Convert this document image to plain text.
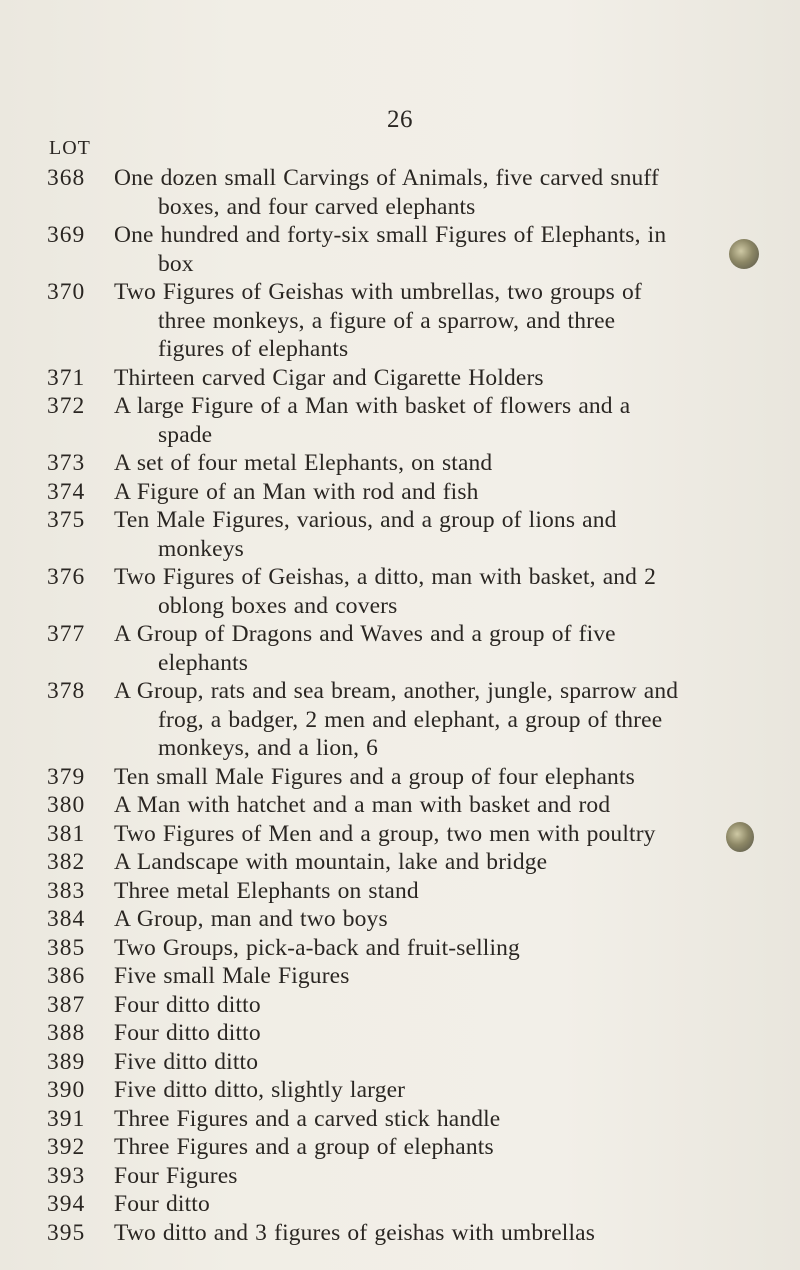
26
LOT
368	One dozen small Carvings of Animals, five carved snuff boxes, and four carved elephants
369	One hundred and forty-six small Figures of Elephants, in box
370	Two Figures of Geishas with umbrellas, two groups of three monkeys, a figure of a sparrow, and three figures of elephants
371	Thirteen carved Cigar and Cigarette Holders
372	A large Figure of a Man with basket of flowers and a spade
373	A set of four metal Elephants, on stand
374	A Figure of an Man with rod and fish
375	Ten Male Figures, various, and a group of lions and monkeys
376	Two Figures of Geishas, a ditto, man with basket, and 2 oblong boxes and covers
377	A Group of Dragons and Waves and a group of five elephants
378	A Group, rats and sea bream, another, jungle, sparrow and frog, a badger, 2 men and elephant, a group of three monkeys, and a lion, 6
379	Ten small Male Figures and a group of four elephants
380	A Man with hatchet and a man with basket and rod
381	Two Figures of Men and a group, two men with poultry
382	A Landscape with mountain, lake and bridge
383	Three metal Elephants on stand
384	A Group, man and two boys
385	Two Groups, pick-a-back and fruit-selling
386	Five small Male Figures
387	Four ditto ditto
388	Four ditto ditto
389	Five ditto ditto
390	Five ditto ditto, slightly larger
391	Three Figures and a carved stick handle
392	Three Figures and a group of elephants
393	Four Figures
394	Four ditto
395	Two ditto and 3 figures of geishas with umbrellas
